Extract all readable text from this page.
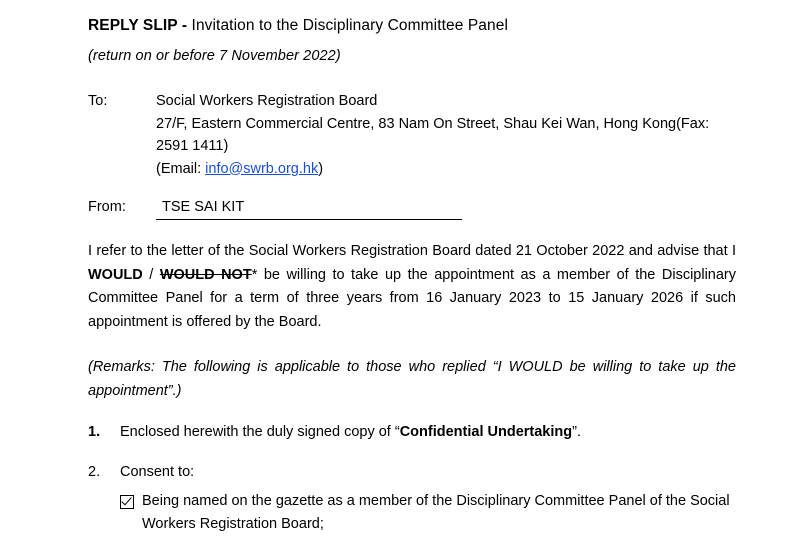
REPLY SLIP - Invitation to the Disciplinary Committee Panel
(return on or before 7 November 2022)
To:	Social Workers Registration Board
27/F, Eastern Commercial Centre, 83 Nam On Street, Shau Kei Wan, Hong Kong(Fax: 2591 1411)
(Email: info@swrb.org.hk)
From:	TSE SAI KIT
I refer to the letter of the Social Workers Registration Board dated 21 October 2022 and advise that I WOULD / WOULD NOT* be willing to take up the appointment as a member of the Disciplinary Committee Panel for a term of three years from 16 January 2023 to 15 January 2026 if such appointment is offered by the Board.
(Remarks: The following is applicable to those who replied “I WOULD be willing to take up the appointment”.)
1.	Enclosed herewith the duly signed copy of “Confidential Undertaking”.
2.	Consent to:
Being named on the gazette as a member of the Disciplinary Committee Panel of the Social Workers Registration Board;
